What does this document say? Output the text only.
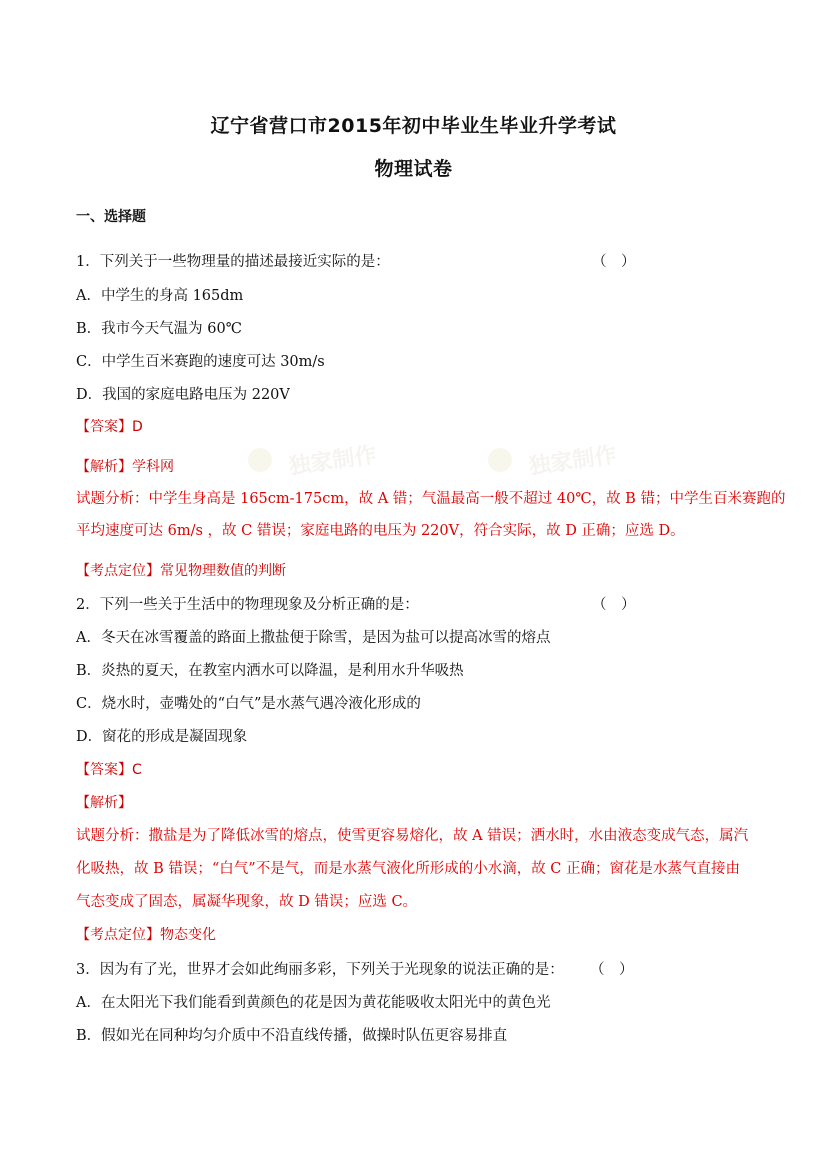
独家制作	独家制作
辽宁省营口市2015年初中毕业生毕业升学考试
物理试卷
一、选择题
1．下列关于一些物理量的描述最接近实际的是：	（　）
A．中学生的身高 165dm
B．我市今天气温为 60℃
C．中学生百米赛跑的速度可达 30m/s
D．我国的家庭电路电压为 220V
【答案】D
【解析】学科网
试题分析：中学生身高是 165cm-175cm，故 A 错；气温最高一般不超过 40℃，故 B 错；中学生百米赛跑的
平均速度可达 6m/s ，故 C 错误；家庭电路的电压为 220V，符合实际，故 D 正确；应选 D。
【考点定位】常见物理数值的判断
2．下列一些关于生活中的物理现象及分析正确的是：	（　）
A．冬天在冰雪覆盖的路面上撒盐便于除雪，是因为盐可以提高冰雪的熔点
B．炎热的夏天，在教室内洒水可以降温，是利用水升华吸热
C．烧水时，壶嘴处的“白气”是水蒸气遇冷液化形成的
D．窗花的形成是凝固现象
【答案】C
【解析】
试题分析：撒盐是为了降低冰雪的熔点，使雪更容易熔化，故 A 错误；洒水时，水由液态变成气态，属汽
化吸热，故 B 错误；“白气”不是气，而是水蒸气液化所形成的小水滴，故 C 正确；窗花是水蒸气直接由
气态变成了固态，属凝华现象，故 D 错误；应选 C。
【考点定位】物态变化
3．因为有了光，世界才会如此绚丽多彩，下列关于光现象的说法正确的是： （　）
A．在太阳光下我们能看到黄颜色的花是因为黄花能吸收太阳光中的黄色光
B．假如光在同种均匀介质中不沿直线传播，做操时队伍更容易排直
